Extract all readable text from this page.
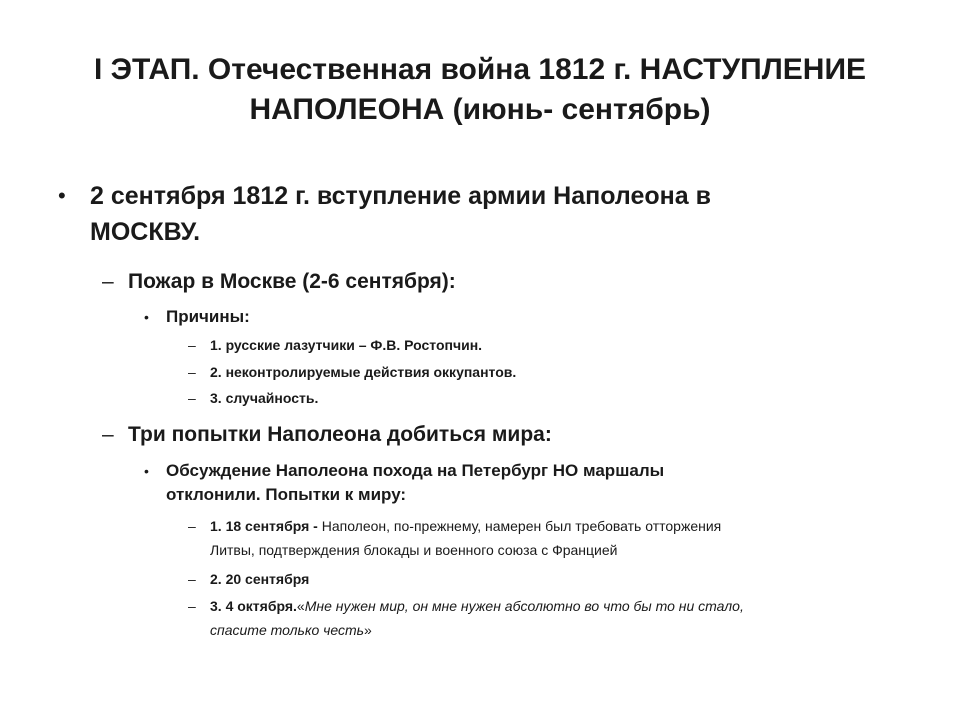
I ЭТАП. Отечественная война 1812 г. НАСТУПЛЕНИЕ
НАПОЛЕОНА (июнь- сентябрь)
• 2 сентября 1812 г. вступление армии Наполеона в
МОСКВУ.
– Пожар в Москве (2-6 сентября):
• Причины:
– 1. русские лазутчики – Ф.В. Ростопчин.
– 2. неконтролируемые действия оккупантов.
– 3. случайность.
– Три попытки Наполеона добиться мира:
• Обсуждение Наполеона похода на Петербург НО маршалы
отклонили. Попытки к миру:
– 1. 18 сентября - Наполеон, по-прежнему, намерен был требовать отторжения
Литвы, подтверждения блокады и военного союза с Францией
– 2. 20 сентября
– 3. 4 октября.«Мне нужен мир, он мне нужен абсолютно во что бы то ни стало,
спасите только честь»
